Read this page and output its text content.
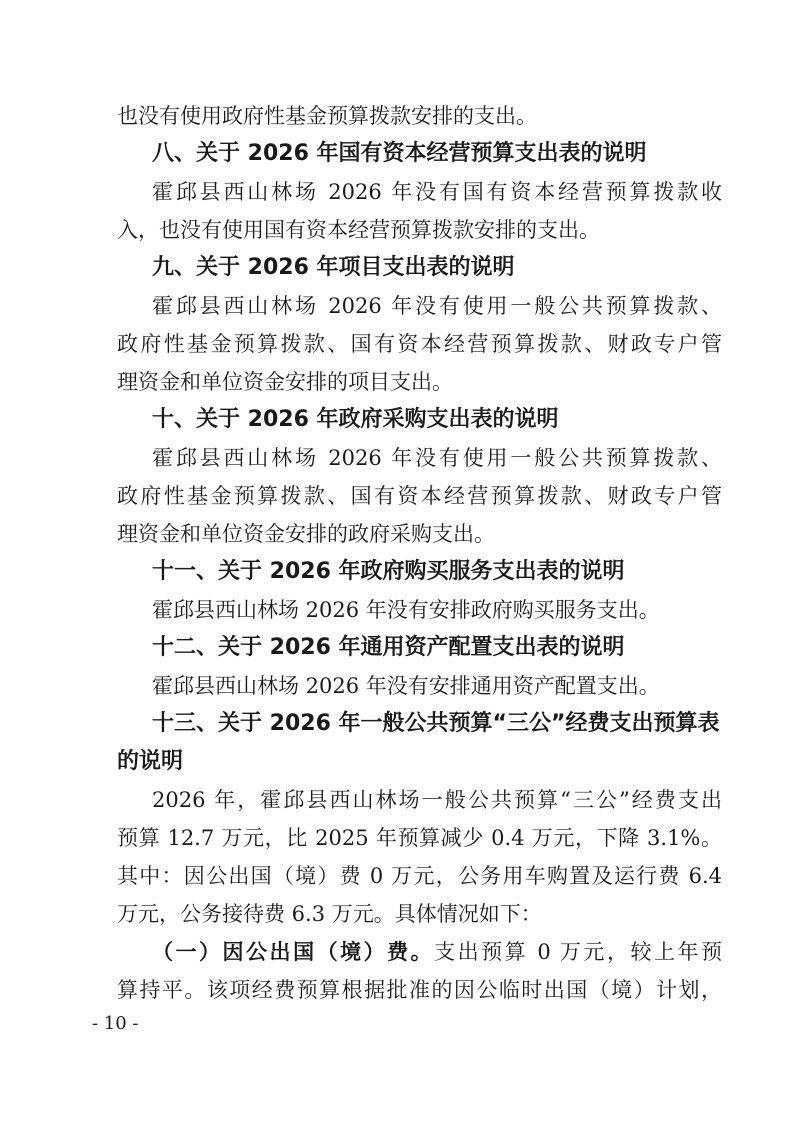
也没有使用政府性基金预算拨款安排的支出。
八、关于 2026 年国有资本经营预算支出表的说明
霍邱县西山林场 2026 年没有国有资本经营预算拨款收
入，也没有使用国有资本经营预算拨款安排的支出。
九、关于 2026 年项目支出表的说明
霍邱县西山林场 2026 年没有使用一般公共预算拨款、
政府性基金预算拨款、国有资本经营预算拨款、财政专户管
理资金和单位资金安排的项目支出。
十、关于 2026 年政府采购支出表的说明
霍邱县西山林场 2026 年没有使用一般公共预算拨款、
政府性基金预算拨款、国有资本经营预算拨款、财政专户管
理资金和单位资金安排的政府采购支出。
十一、关于 2026 年政府购买服务支出表的说明
霍邱县西山林场 2026 年没有安排政府购买服务支出。
十二、关于 2026 年通用资产配置支出表的说明
霍邱县西山林场 2026 年没有安排通用资产配置支出。
十三、关于 2026 年一般公共预算“三公”经费支出预算表
的说明
2026 年，霍邱县西山林场一般公共预算“三公”经费支出
预算 12.7 万元，比 2025 年预算减少 0.4 万元，下降 3.1%。
其中：因公出国（境）费 0 万元，公务用车购置及运行费 6.4
万元，公务接待费 6.3 万元。具体情况如下：
（一）因公出国（境）费。支出预算 0 万元，较上年预
算持平。该项经费预算根据批准的因公临时出国（境）计划，
- 10 -
